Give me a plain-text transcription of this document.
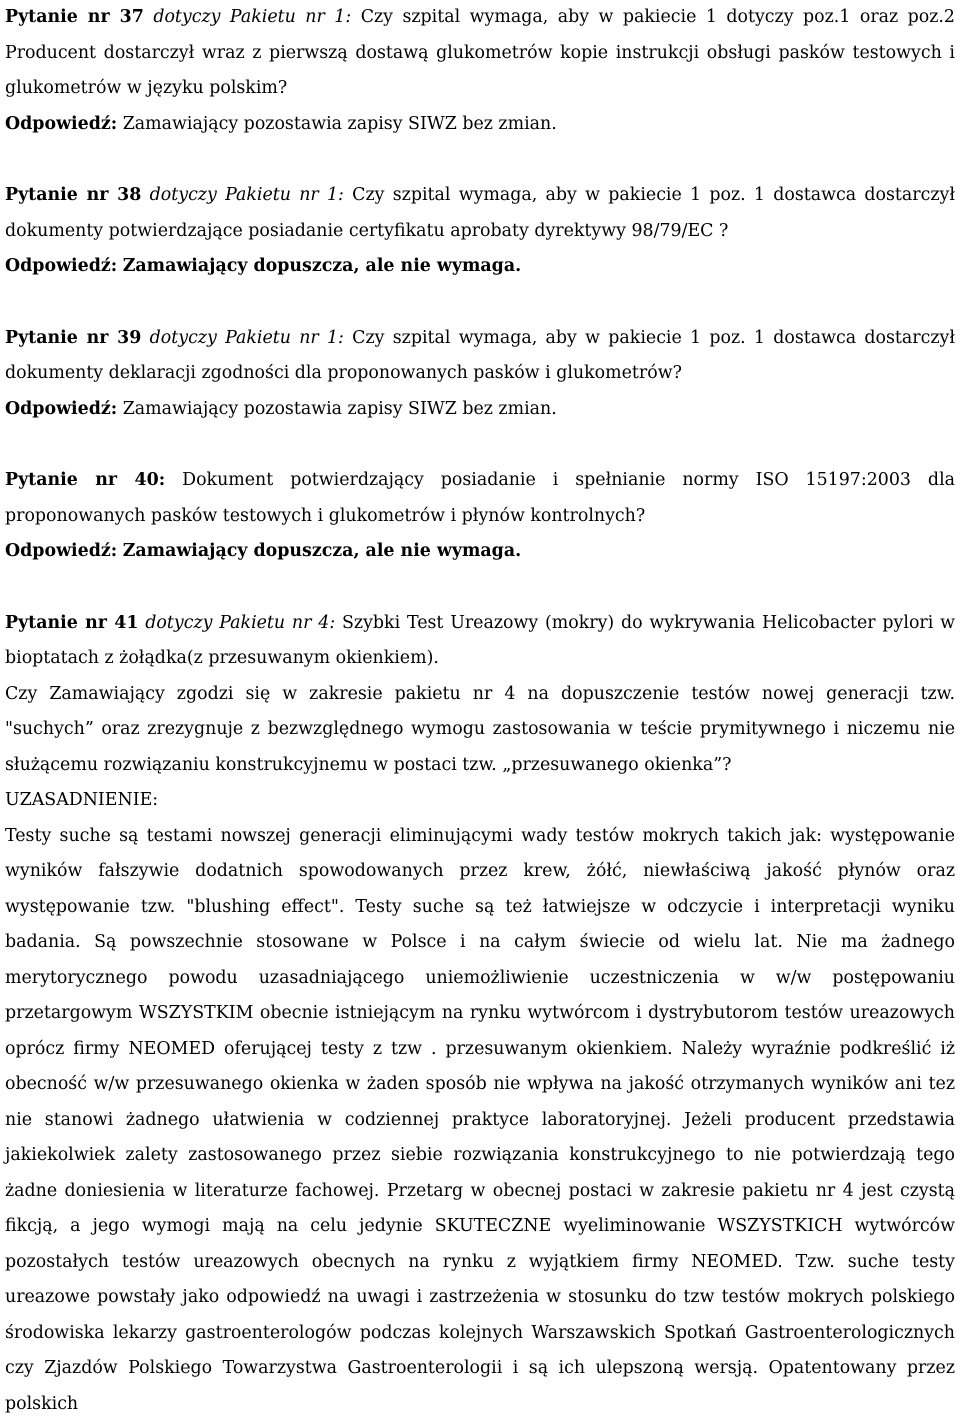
Pytanie nr 37 dotyczy Pakietu nr 1: Czy szpital wymaga, aby w pakiecie 1 dotyczy poz.1 oraz poz.2 Producent dostarczył wraz z pierwszą dostawą glukometrów kopie instrukcji obsługi pasków testowych i glukometrów w języku polskim?

Odpowiedź: Zamawiający pozostawia zapisy SIWZ bez zmian.

Pytanie nr 38 dotyczy Pakietu nr 1: Czy szpital wymaga, aby w pakiecie 1 poz. 1 dostawca dostarczył dokumenty potwierdzające posiadanie certyfikatu aprobaty dyrektywy 98/79/EC ?

Odpowiedź: Zamawiający dopuszcza, ale nie wymaga.

Pytanie nr 39 dotyczy Pakietu nr 1: Czy szpital wymaga, aby w pakiecie 1 poz. 1 dostawca dostarczył dokumenty deklaracji zgodności dla proponowanych pasków i glukometrów?

Odpowiedź: Zamawiający pozostawia zapisy SIWZ bez zmian.

Pytanie nr 40: Dokument potwierdzający posiadanie i spełnianie normy ISO 15197:2003 dla proponowanych pasków testowych i glukometrów i płynów kontrolnych?

Odpowiedź: Zamawiający dopuszcza, ale nie wymaga.

Pytanie nr 41 dotyczy Pakietu nr 4: Szybki Test Ureazowy (mokry) do wykrywania Helicobacter pylori w bioptatach z żołądka(z przesuwanym okienkiem).

Czy Zamawiający zgodzi się w zakresie pakietu nr 4 na dopuszczenie testów nowej generacji tzw. "suchych” oraz zrezygnuje z bezwzględnego wymogu zastosowania w teście prymitywnego i niczemu nie służącemu rozwiązaniu konstrukcyjnemu w postaci tzw. „przesuwanego okienka”?

UZASADNIENIE:

Testy suche są testami nowszej generacji eliminującymi wady testów mokrych takich jak: występowanie wyników fałszywie dodatnich spowodowanych przez krew, żółć, niewłaściwą jakość płynów oraz występowanie tzw. "blushing effect". Testy suche są też łatwiejsze w odczycie i interpretacji wyniku badania. Są powszechnie stosowane w Polsce i na całym świecie od wielu lat. Nie ma żadnego merytorycznego powodu uzasadniającego uniemożliwienie uczestniczenia w w/w postępowaniu przetargowym WSZYSTKIM obecnie istniejącym na rynku wytwórcom i dystrybutorom testów ureazowych oprócz firmy NEOMED oferującej testy z tzw . przesuwanym okienkiem. Należy wyraźnie podkreślić iż obecność w/w przesuwanego okienka w żaden sposób nie wpływa na jakość otrzymanych wyników ani tez nie stanowi żadnego ułatwienia w codziennej praktyce laboratoryjnej. Jeżeli producent przedstawia jakiekolwiek zalety zastosowanego przez siebie rozwiązania konstrukcyjnego to nie potwierdzają tego żadne doniesienia w literaturze fachowej. Przetarg w obecnej postaci w zakresie pakietu nr 4 jest czystą fikcją, a jego wymogi mają na celu jedynie SKUTECZNE wyeliminowanie WSZYSTKICH wytwórców pozostałych testów ureazowych obecnych na rynku z wyjątkiem firmy NEOMED. Tzw. suche testy ureazowe powstały jako odpowiedź na uwagi i zastrzeżenia w stosunku do tzw testów mokrych polskiego środowiska lekarzy gastroenterologów podczas kolejnych Warszawskich Spotkań Gastroenterologicznych czy Zjazdów Polskiego Towarzystwa Gastroenterologii i są ich ulepszoną wersją. Opatentowany przez polskich
